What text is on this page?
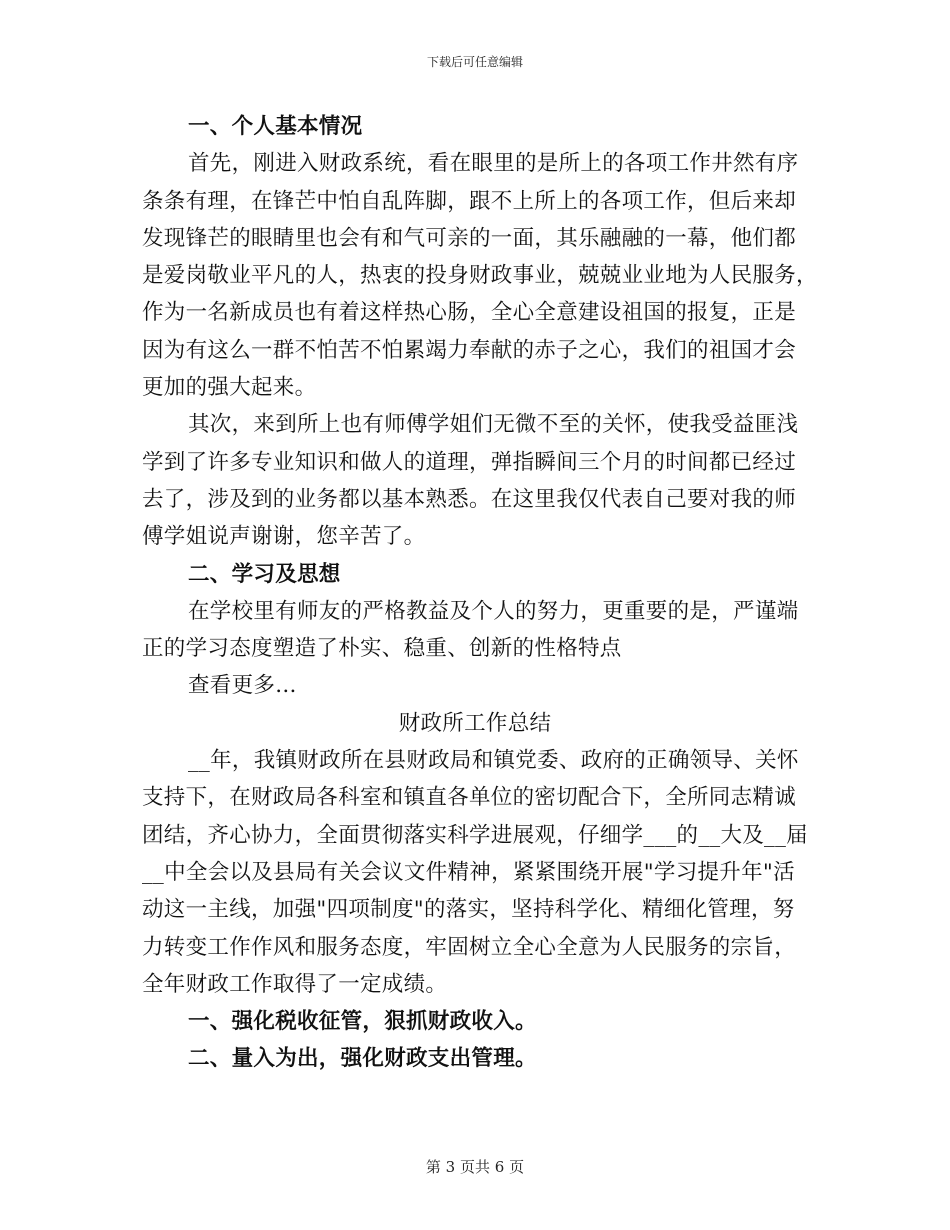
下载后可任意编辑
一、个人基本情况
首先，刚进入财政系统，看在眼里的是所上的各项工作井然有序
条条有理，在锋芒中怕自乱阵脚，跟不上所上的各项工作，但后来却
发现锋芒的眼睛里也会有和气可亲的一面，其乐融融的一幕，他们都
是爱岗敬业平凡的人，热衷的投身财政事业，兢兢业业地为人民服务，
作为一名新成员也有着这样热心肠，全心全意建设祖国的报复，正是
因为有这么一群不怕苦不怕累竭力奉献的赤子之心，我们的祖国才会
更加的强大起来。
其次，来到所上也有师傅学姐们无微不至的关怀，使我受益匪浅
学到了许多专业知识和做人的道理，弹指瞬间三个月的时间都已经过
去了，涉及到的业务都以基本熟悉。在这里我仅代表自己要对我的师
傅学姐说声谢谢，您辛苦了。
二、学习及思想
在学校里有师友的严格教益及个人的努力，更重要的是，严谨端
正的学习态度塑造了朴实、稳重、创新的性格特点
查看更多...
财政所工作总结
__年，我镇财政所在县财政局和镇党委、政府的正确领导、关怀
支持下，在财政局各科室和镇直各单位的密切配合下，全所同志精诚
团结，齐心协力，全面贯彻落实科学进展观，仔细学___的__大及__届
__中全会以及县局有关会议文件精神，紧紧围绕开展"学习提升年"活
动这一主线，加强"四项制度"的落实，坚持科学化、精细化管理，努
力转变工作作风和服务态度，牢固树立全心全意为人民服务的宗旨，
全年财政工作取得了一定成绩。
一、强化税收征管，狠抓财政收入。
二、量入为出，强化财政支出管理。
第 3 页共 6 页
